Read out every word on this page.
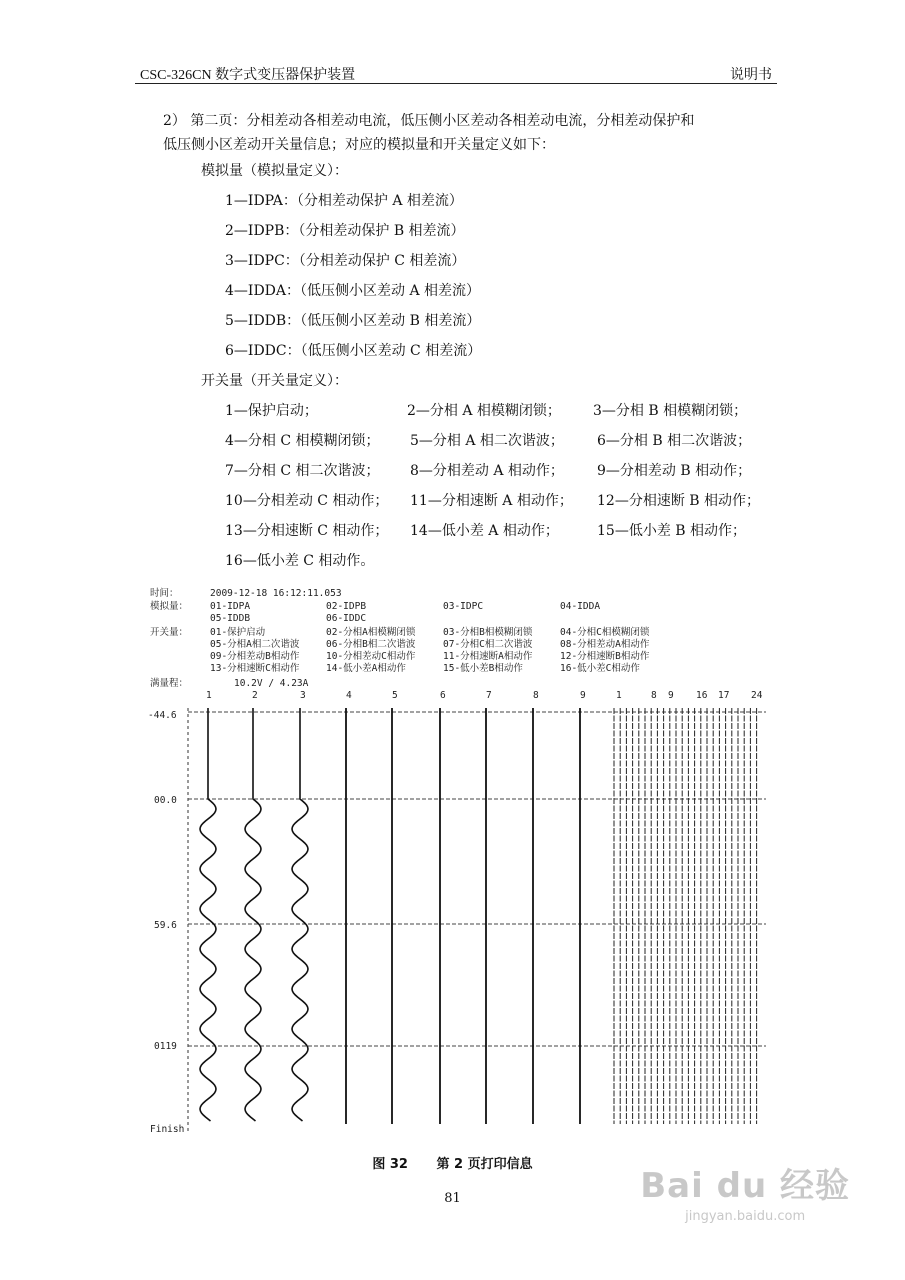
CSC-326CN 数字式变压器保护装置	说明书
2） 第二页：分相差动各相差动电流，低压侧小区差动各相差动电流，分相差动保护和
低压侧小区差动开关量信息；对应的模拟量和开关量定义如下：
模拟量（模拟量定义）：
1—IDPA：（分相差动保护 A 相差流）
2—IDPB：（分相差动保护 B 相差流）
3—IDPC：（分相差动保护 C 相差流）
4—IDDA：（低压侧小区差动 A 相差流）
5—IDDB：（低压侧小区差动 B 相差流）
6—IDDC：（低压侧小区差动 C 相差流）
开关量（开关量定义）：
1—保护启动；	2—分相 A 相模糊闭锁； 3—分相 B 相模糊闭锁；
4—分相 C 相模糊闭锁； 5—分相 A 相二次谐波； 6—分相 B 相二次谐波；
7—分相 C 相二次谐波； 8—分相差动 A 相动作； 9—分相差动 B 相动作；
10—分相差动 C 相动作； 11—分相速断 A 相动作； 12—分相速断 B 相动作；
13—分相速断 C 相动作； 14—低小差 A 相动作；	15—低小差 B 相动作；
16—低小差 C 相动作。
时间：	2009-12-18 16:12:11.053
模拟量： 01-IDPA	02-IDPB	03-IDPC	04-IDDA
05-IDDB	06-IDDC
开关量： 01-保护启动	02-分相A相模糊闭锁	03-分相B相模糊闭锁	04-分相C相模糊闭锁
05-分相A相二次谐波	06-分相B相二次谐波	07-分相C相二次谐波	08-分相差动A相动作
09-分相差动B相动作	10-分相差动C相动作	11-分相速断A相动作	12-分相速断B相动作
13-分相速断C相动作	14-低小差A相动作	15-低小差B相动作	16-低小差C相动作
满量程：	10.2V / 4.23A
-44.6
00.0
59.6
0119
Finish
1	2	3	4	5	6	7	8	9	1	8 9 16 17 24
图 32 第 2 页打印信息
81	Bai du 经验
jingyan.baidu.com
